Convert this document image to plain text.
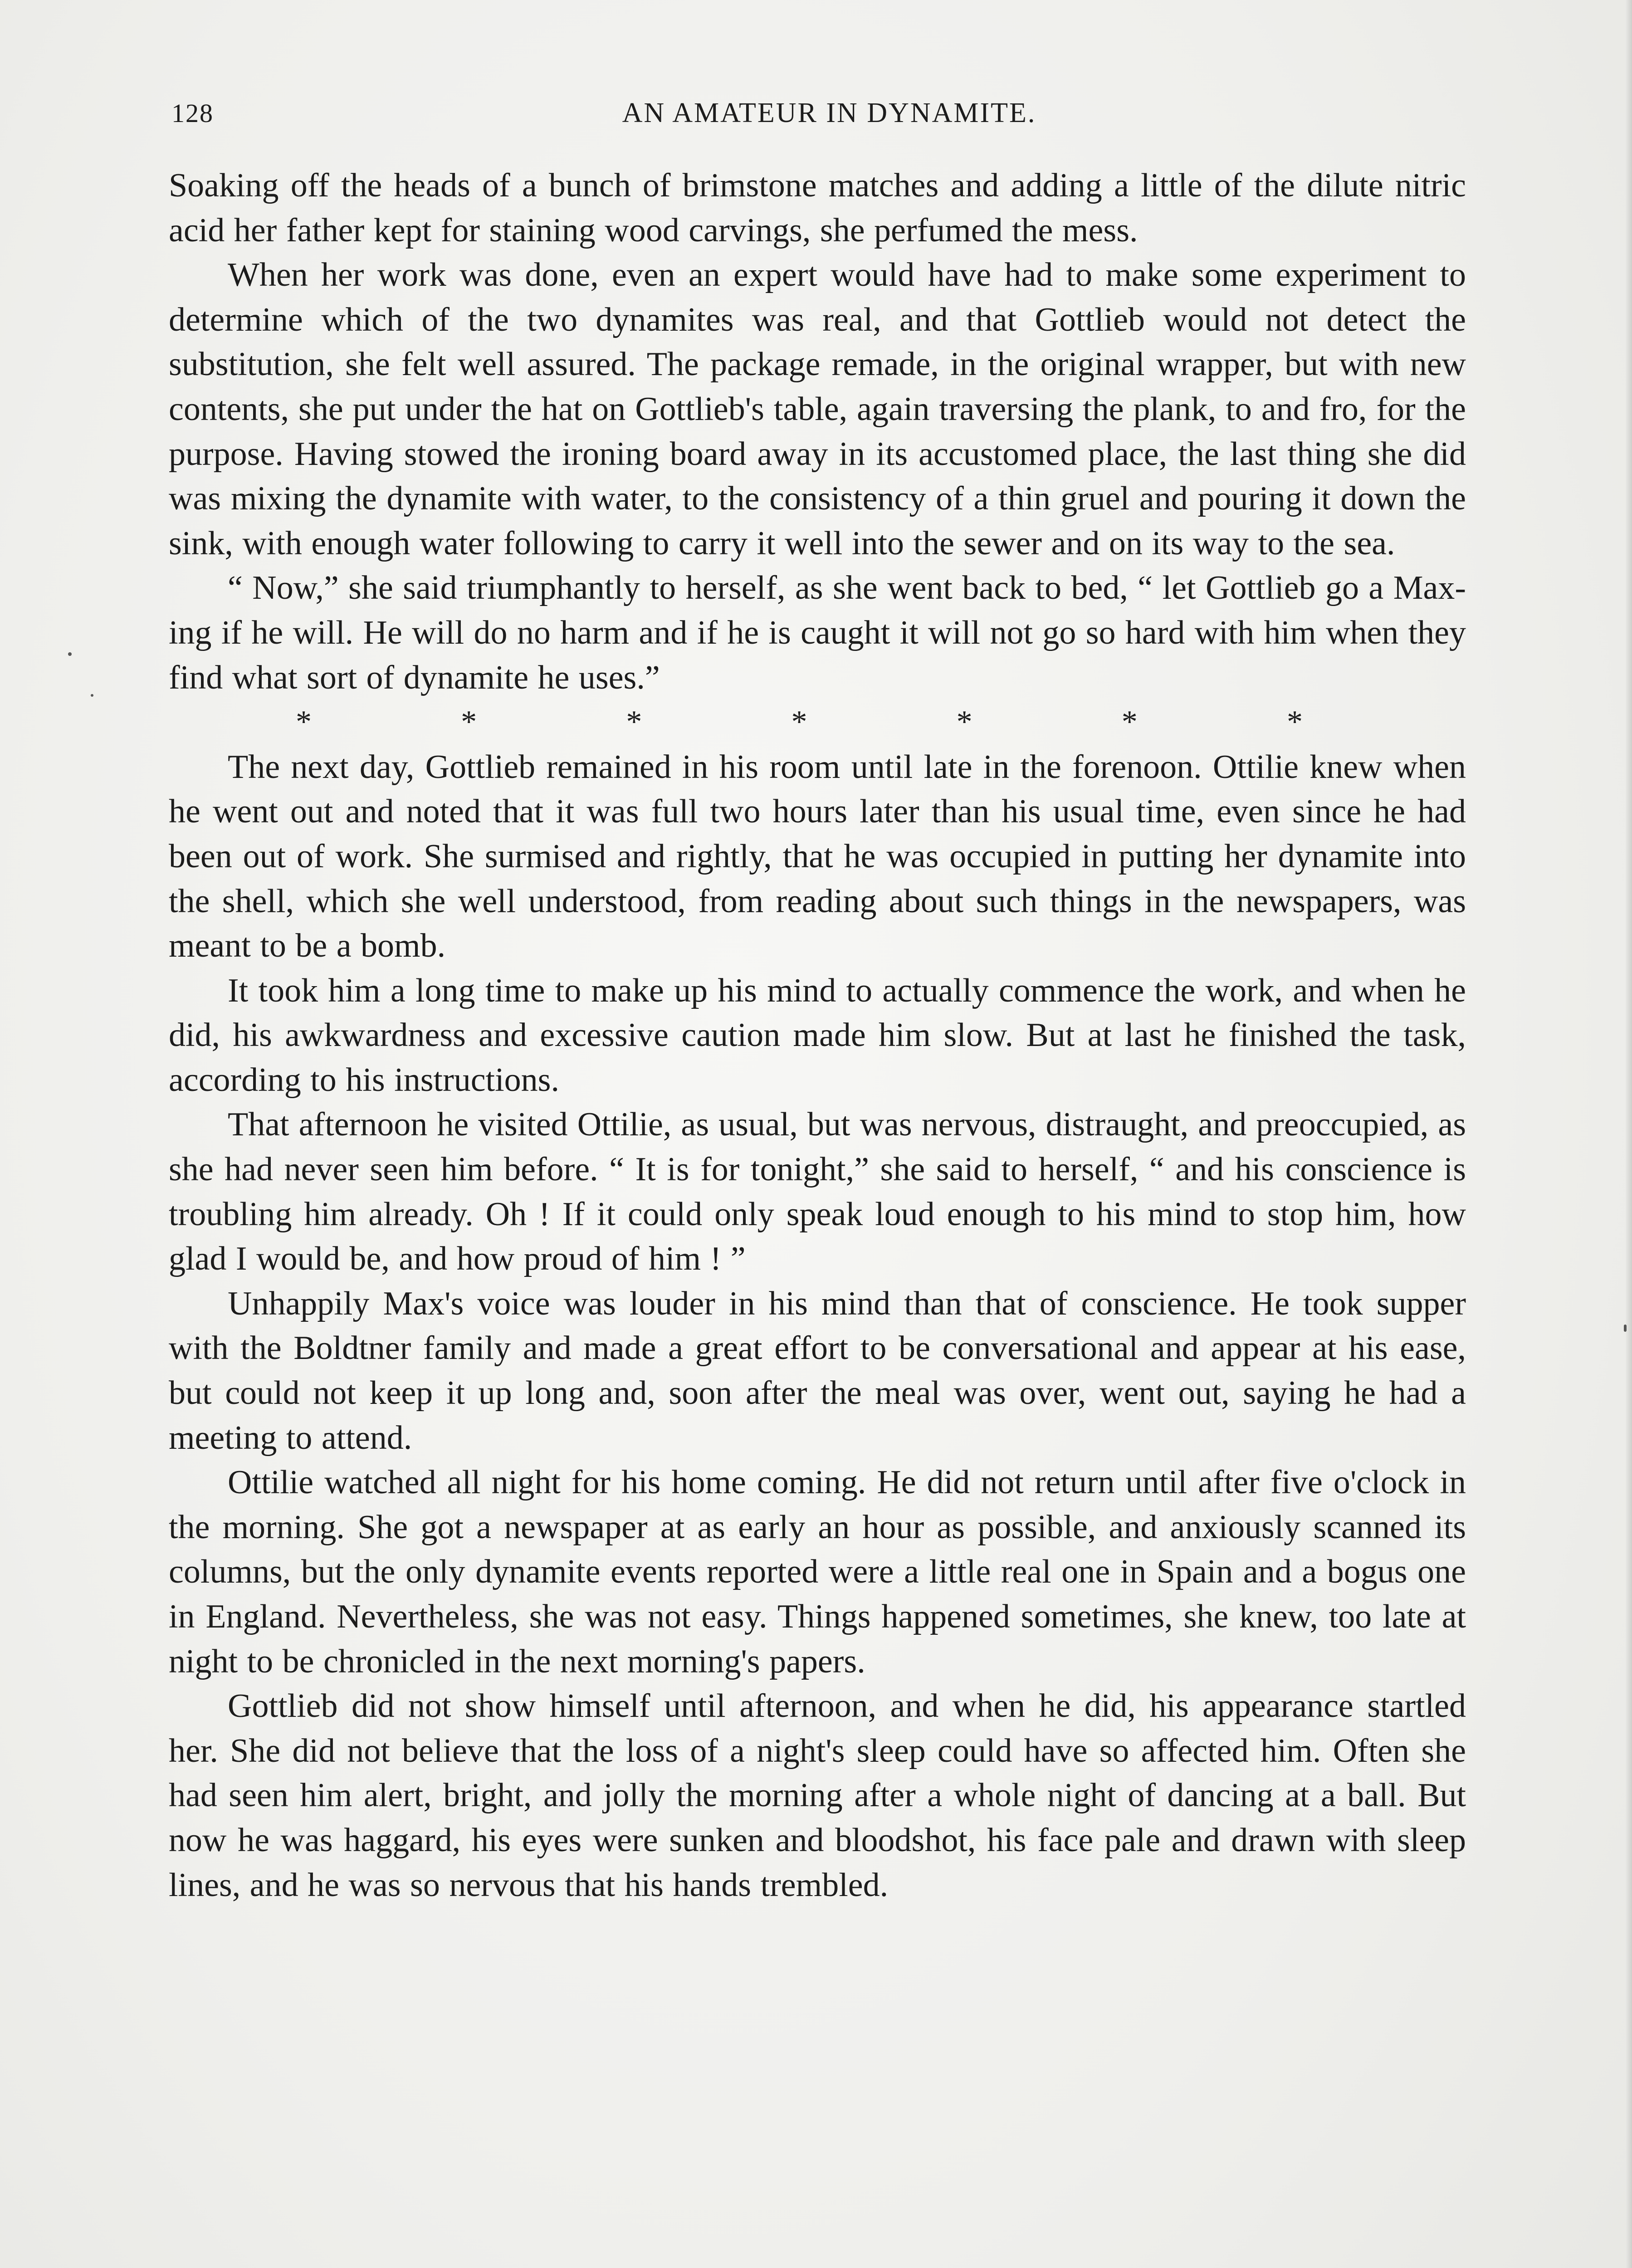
128	AN AMATEUR IN DYNAMITE.

Soaking off the heads of a bunch of brimstone matches and adding a little of the dilute nitric acid her father kept for staining wood carvings, she perfumed the mess.

When her work was done, even an expert would have had to make some experiment to determine which of the two dynamites was real, and that Gottlieb would not detect the substitution, she felt well assured. The package remade, in the original wrapper, but with new contents, she put under the hat on Gottlieb's table, again traversing the plank, to and fro, for the purpose. Having stowed the ironing board away in its accustomed place, the last thing she did was mixing the dynamite with water, to the consistency of a thin gruel and pouring it down the sink, with enough water following to carry it well into the sewer and on its way to the sea.

“ Now,” she said triumphantly to herself, as she went back to bed, “ let Gottlieb go a Max-ing if he will. He will do no harm and if he is caught it will not go so hard with him when they find what sort of dynamite he uses.”

*	*	*	*	*	*	*

The next day, Gottlieb remained in his room until late in the forenoon. Ottilie knew when he went out and noted that it was full two hours later than his usual time, even since he had been out of work. She surmised and rightly, that he was occupied in putting her dynamite into the shell, which she well understood, from reading about such things in the newspapers, was meant to be a bomb.

It took him a long time to make up his mind to actually commence the work, and when he did, his awkwardness and excessive caution made him slow. But at last he finished the task, according to his instructions.

That afternoon he visited Ottilie, as usual, but was nervous, distraught, and preoccupied, as she had never seen him before. “ It is for tonight,” she said to herself, “ and his conscience is troubling him already. Oh ! If it could only speak loud enough to his mind to stop him, how glad I would be, and how proud of him ! ”

Unhappily Max's voice was louder in his mind than that of conscience. He took supper with the Boldtner family and made a great effort to be conversational and appear at his ease, but could not keep it up long and, soon after the meal was over, went out, saying he had a meeting to attend.

Ottilie watched all night for his home coming. He did not return until after five o'clock in the morning. She got a newspaper at as early an hour as possible, and anxiously scanned its columns, but the only dynamite events reported were a little real one in Spain and a bogus one in England. Nevertheless, she was not easy. Things happened sometimes, she knew, too late at night to be chronicled in the next morning's papers.

Gottlieb did not show himself until afternoon, and when he did, his appearance startled her. She did not believe that the loss of a night's sleep could have so affected him. Often she had seen him alert, bright, and jolly the morning after a whole night of dancing at a ball. But now he was haggard, his eyes were sunken and bloodshot, his face pale and drawn with sleep lines, and he was so nervous that his hands trembled.
